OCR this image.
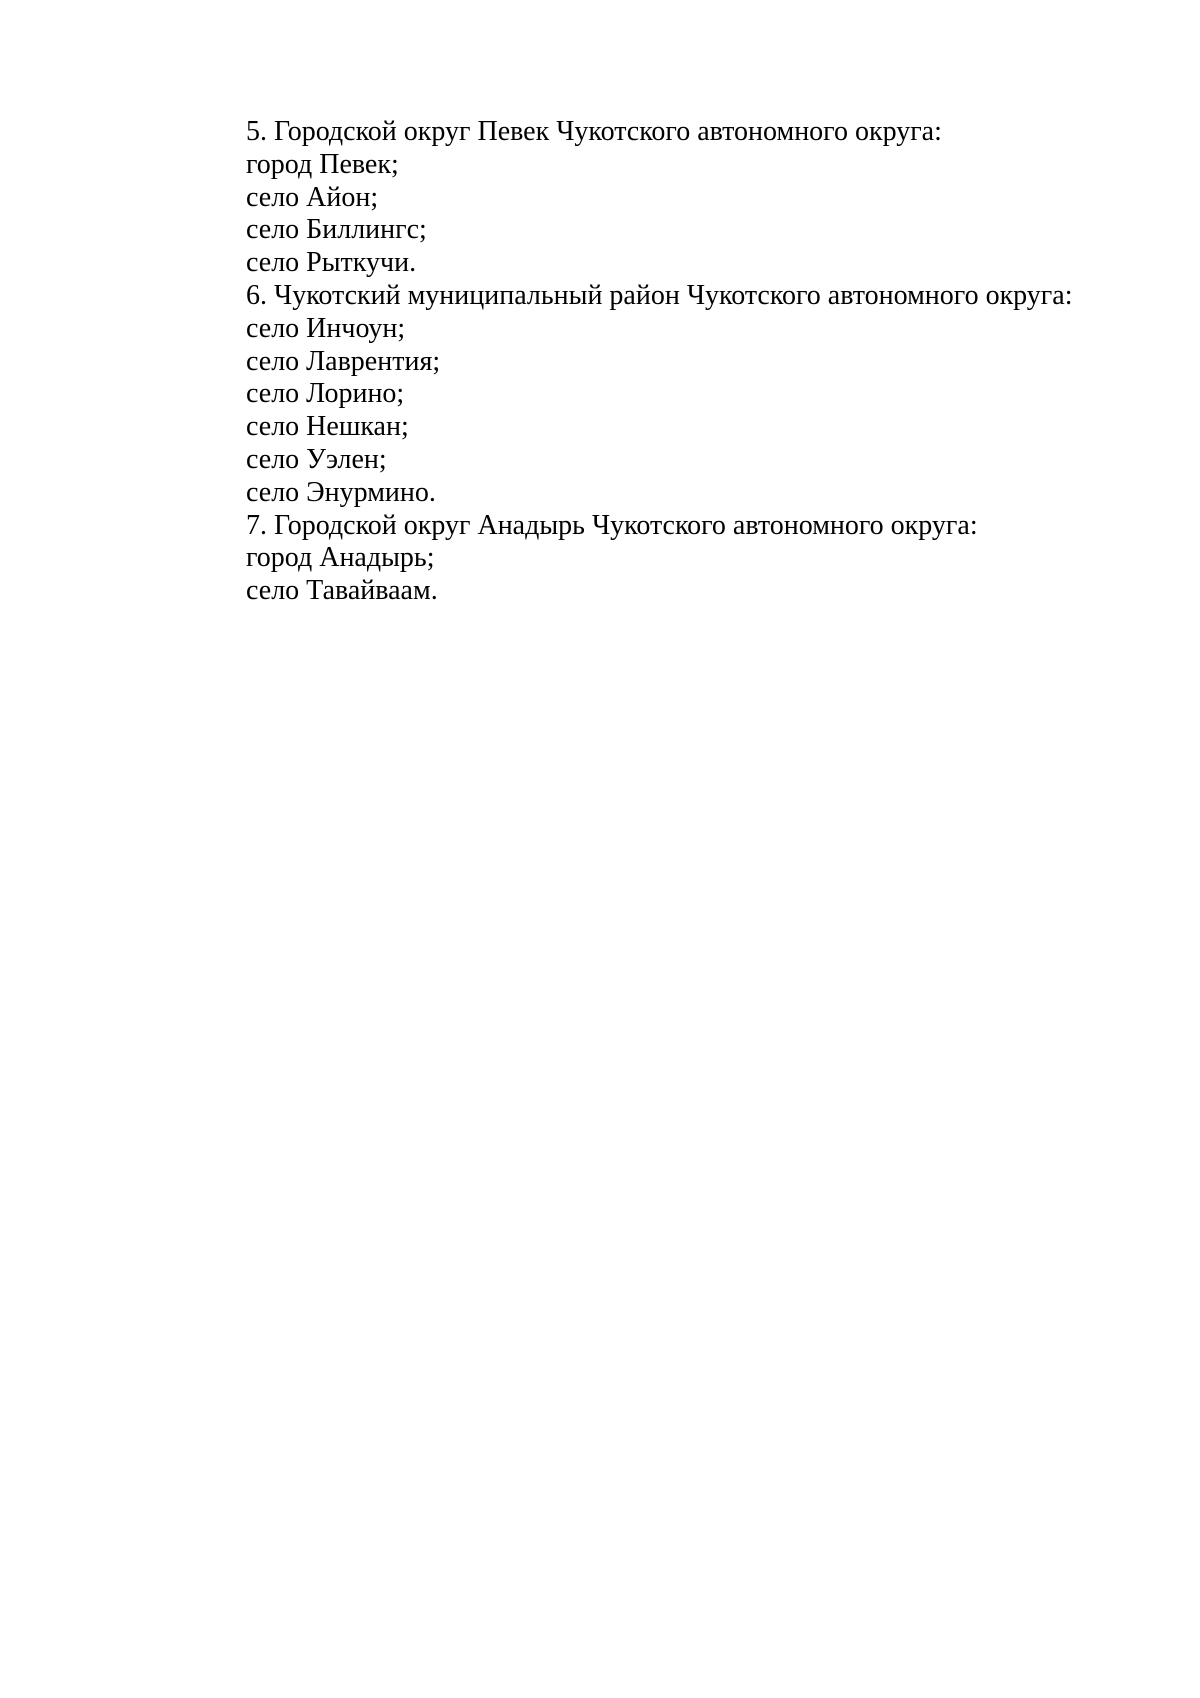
5. Городской округ Певек Чукотского автономного округа:

город Певек;

село Айон;

село Биллингс;

село Рыткучи.

6. Чукотский муниципальный район Чукотского автономного округа:

село Инчоун;

село Лаврентия;

село Лорино;

село Нешкан;

село Уэлен;

село Энурмино.

7. Городской округ Анадырь Чукотского автономного округа:

город Анадырь;

село Тавайваам.
